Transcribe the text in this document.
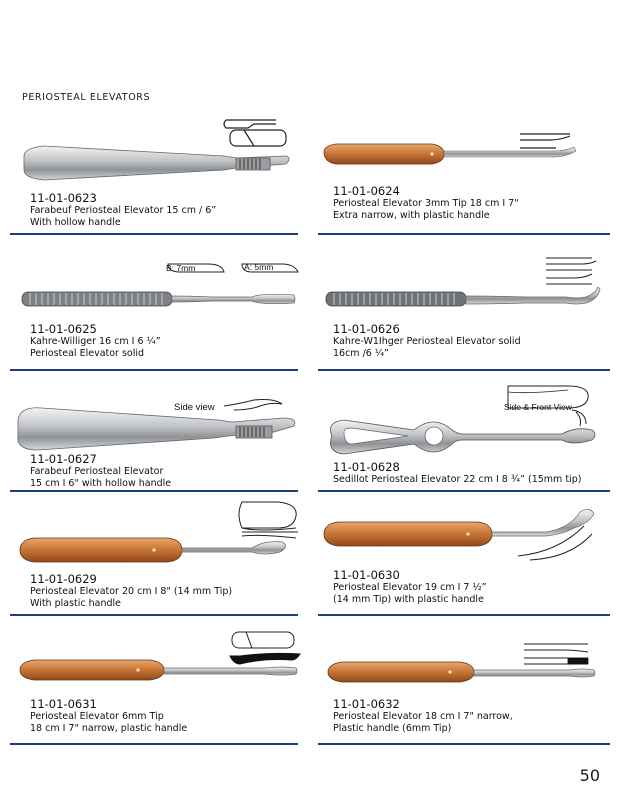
PERIOSTEAL ELEVATORS
11-01-0623
Farabeuf Periosteal Elevator 15 cm / 6”
With hollow handle
11-01-0624
Periosteal Elevator 3mm Tip 18 cm I 7"
Extra narrow, with plastic handle
B: 7mm	A: 5mm
11-01-0625
Kahre-Williger 16 cm I 6 ¼”
Periosteal Elevator solid
11-01-0626
Kahre-W1Ihger Periosteal Elevator solid
16cm /6 ¼”
Side view
11-01-0627
Farabeuf Periosteal Elevator
15 cm I 6" with hollow handle
Side & Front View
11-01-0628
Sedillot Periosteal Elevator 22 cm I 8 ¾” (15mm tip)
11-01-0629
Periosteal Elevator 20 cm I 8" (14 mm Tip)
With plastic handle
11-01-0630
Periosteal Elevator 19 cm I 7 ½”
(14 mm Tip) with plastic handle
11-01-0631
Periosteal Elevator 6mm Tip
18 cm I 7" narrow, plastic handle
11-01-0632
Periosteal Elevator 18 cm I 7" narrow,
Plastic handle (6mm Tip)
50
